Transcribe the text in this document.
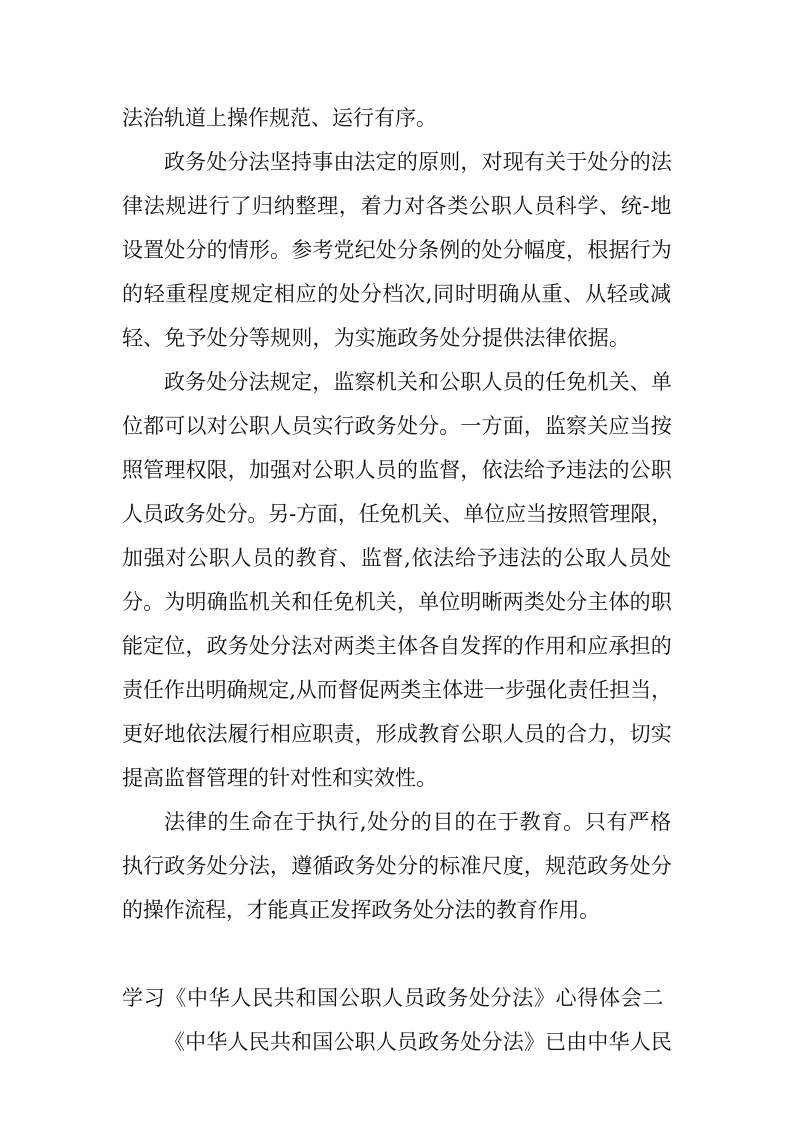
法治轨道上操作规范、运行有序。
政务处分法坚持事由法定的原则，对现有关于处分的法
律法规进行了归纳整理，着力对各类公职人员科学、统-地
设置处分的情形。参考党纪处分条例的处分幅度，根据行为
的轻重程度规定相应的处分档次,同时明确从重、从轻或减
轻、免予处分等规则，为实施政务处分提供法律依据。
政务处分法规定，监察机关和公职人员的任免机关、单
位都可以对公职人员实行政务处分。一方面，监察关应当按
照管理权限，加强对公职人员的监督，依法给予违法的公职
人员政务处分。另-方面，任免机关、单位应当按照管理限，
加强对公职人员的教育、监督,依法给予违法的公取人员处
分。为明确监机关和任免机关，单位明晰两类处分主体的职
能定位，政务处分法对两类主体各自发挥的作用和应承担的
责任作出明确规定,从而督促两类主体进一步强化责任担当，
更好地依法履行相应职责，形成教育公职人员的合力，切实
提高监督管理的针对性和实效性。
法律的生命在于执行,处分的目的在于教育。只有严格
执行政务处分法，遵循政务处分的标准尺度，规范政务处分
的操作流程，才能真正发挥政务处分法的教育作用。
学习《中华人民共和国公职人员政务处分法》心得体会二
《中华人民共和国公职人员政务处分法》已由中华人民
